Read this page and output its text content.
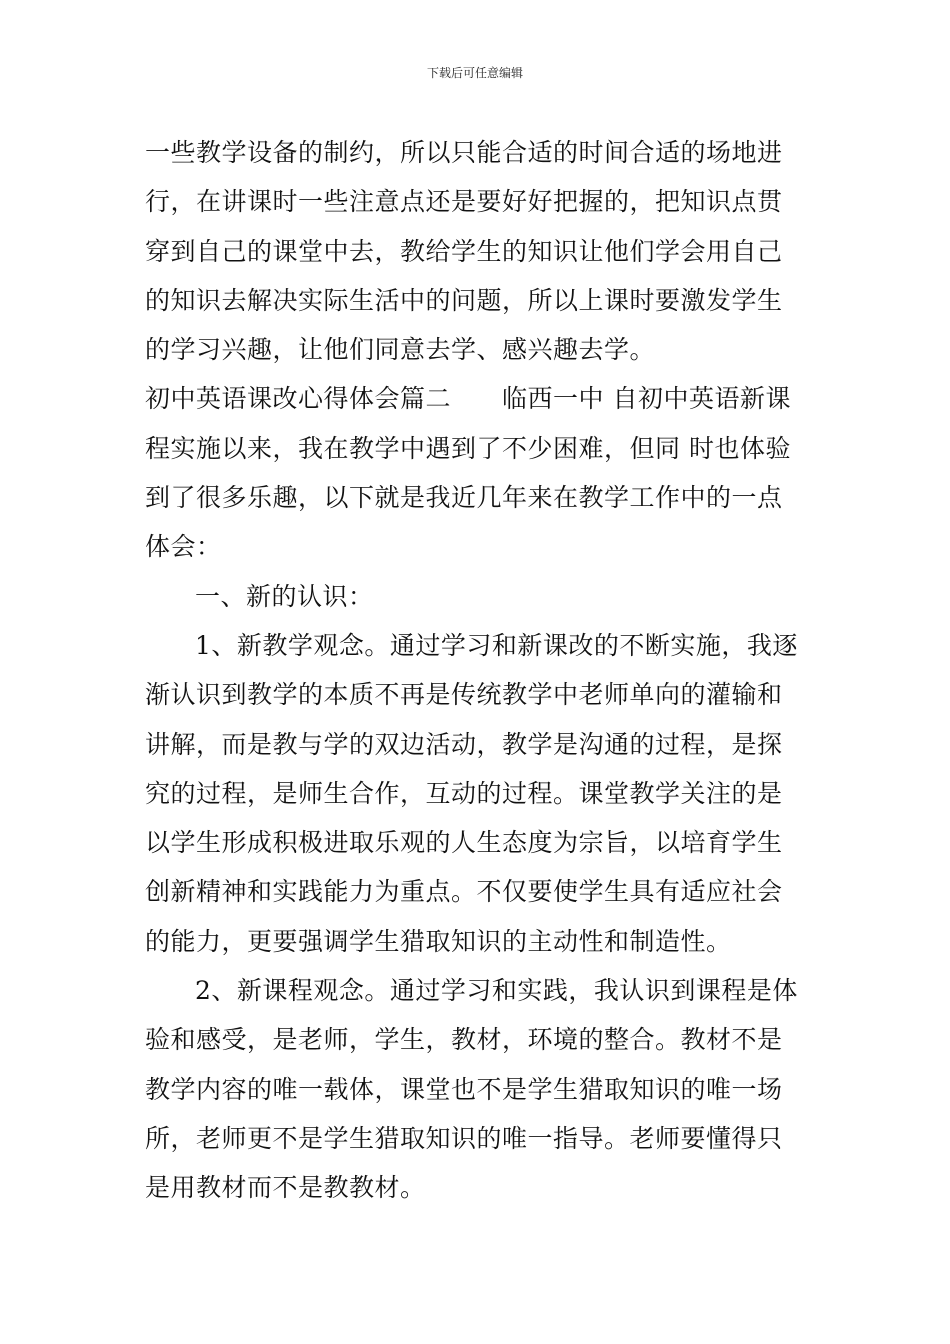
下载后可任意编辑
一些教学设备的制约，所以只能合适的时间合适的场地进
行，在讲课时一些注意点还是要好好把握的，把知识点贯
穿到自己的课堂中去，教给学生的知识让他们学会用自己
的知识去解决实际生活中的问题，所以上课时要激发学生
的学习兴趣，让他们同意去学、感兴趣去学。
初中英语课改心得体会篇二　　临西一中 自初中英语新课
程实施以来，我在教学中遇到了不少困难，但同 时也体验
到了很多乐趣，以下就是我近几年来在教学工作中的一点
体会：
一、新的认识：
1、新教学观念。通过学习和新课改的不断实施，我逐
渐认识到教学的本质不再是传统教学中老师单向的灌输和
讲解，而是教与学的双边活动，教学是沟通的过程，是探
究的过程，是师生合作，互动的过程。课堂教学关注的是
以学生形成积极进取乐观的人生态度为宗旨，以培育学生
创新精神和实践能力为重点。不仅要使学生具有适应社会
的能力，更要强调学生猎取知识的主动性和制造性。
2、新课程观念。通过学习和实践，我认识到课程是体
验和感受，是老师，学生，教材，环境的整合。教材不是
教学内容的唯一载体，课堂也不是学生猎取知识的唯一场
所，老师更不是学生猎取知识的唯一指导。老师要懂得只
是用教材而不是教教材。
